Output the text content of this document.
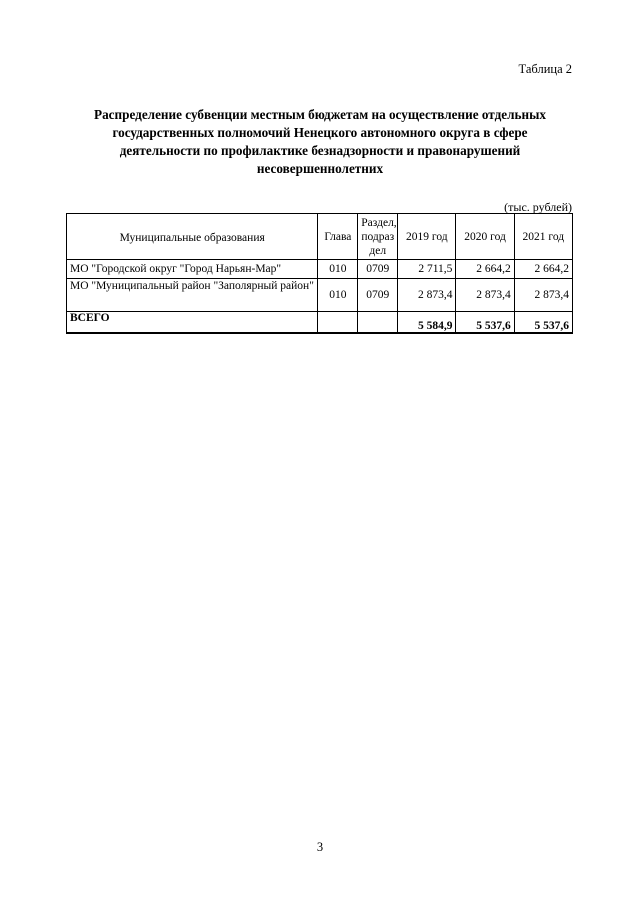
Таблица 2
Распределение субвенции местным бюджетам на осуществление отдельных государственных полномочий Ненецкого автономного округа в сфере деятельности по профилактике безнадзорности и правонарушений несовершеннолетних
(тыс. рублей)
Муниципальные образования	Глава	Раздел, подраз дел	2019 год	2020 год	2021 год
МО "Городской округ "Город Нарьян-Мар"	010	0709	2 711,5	2 664,2	2 664,2
МО "Муниципальный район "Заполярный район"	010	0709	2 873,4	2 873,4	2 873,4
ВСЕГО			5 584,9	5 537,6	5 537,6
3
